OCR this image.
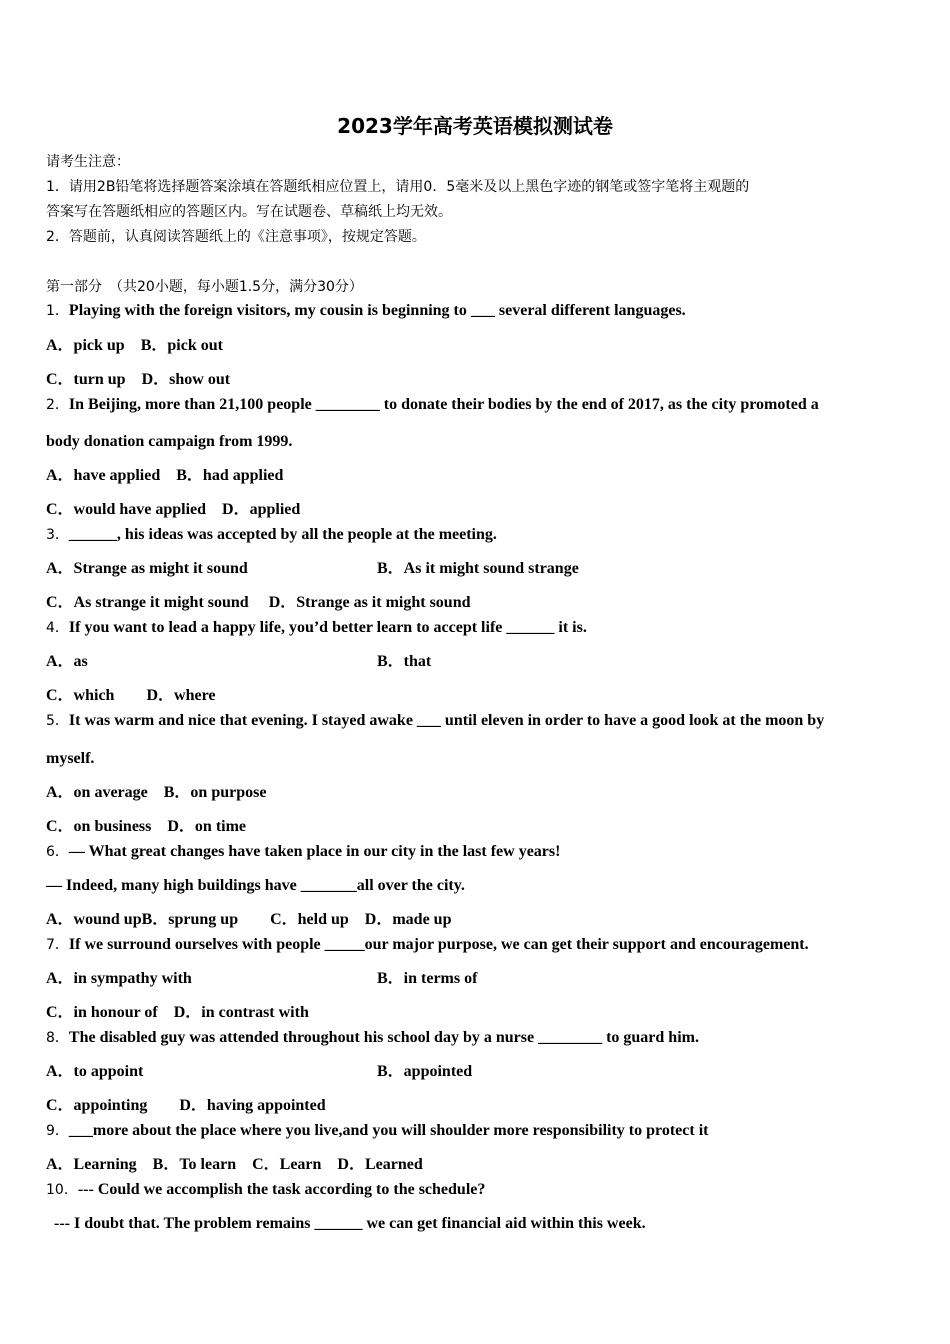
2023学年高考英语模拟测试卷
请考生注意：
1．请用2B铅笔将选择题答案涂填在答题纸相应位置上，请用0．5毫米及以上黑色字迹的钢笔或签字笔将主观题的
答案写在答题纸相应的答题区内。写在试题卷、草稿纸上均无效。
2．答题前，认真阅读答题纸上的《注意事项》，按规定答题。
第一部分　（共20小题，每小题1.5分，满分30分）
1．Playing with the foreign visitors, my cousin is beginning to ___ several different languages.
A．pick up　B．pick out
C．turn up　D．show out
2．In Beijing, more than 21,100 people ________ to donate their bodies by the end of 2017, as the city promoted a
body donation campaign from 1999.
A．have applied　B．had applied
C．would have applied　D．applied
3．______, his ideas was accepted by all the people at the meeting.
A．Strange as might it sound	B．As it might sound strange
C．As strange it might sound　 D．Strange as it might sound
4．If you want to lead a happy life, you’d better learn to accept life ______ it is.
A．as	B．that
C．which　　D．where
5．It was warm and nice that evening. I stayed awake ___ until eleven in order to have a good look at the moon by
myself.
A．on average　B．on purpose
C．on business　D．on time
6．— What great changes have taken place in our city in the last few years!
— Indeed, many high buildings have _______all over the city.
A．wound upB．sprung up　　C．held up　D．made up
7．If we surround ourselves with people _____our major purpose, we can get their support and encouragement.
A．in sympathy with	B．in terms of
C．in honour of　D．in contrast with
8．The disabled guy was attended throughout his school day by a nurse ________ to guard him.
A．to appoint	B．appointed
C．appointing　　D．having appointed
9．___more about the place where you live,and you will shoulder more responsibility to protect it
A．Learning　B．To learn　C．Learn　D．Learned
10．--- Could we accomplish the task according to the schedule?
--- I doubt that. The problem remains ______ we can get financial aid within this week.
